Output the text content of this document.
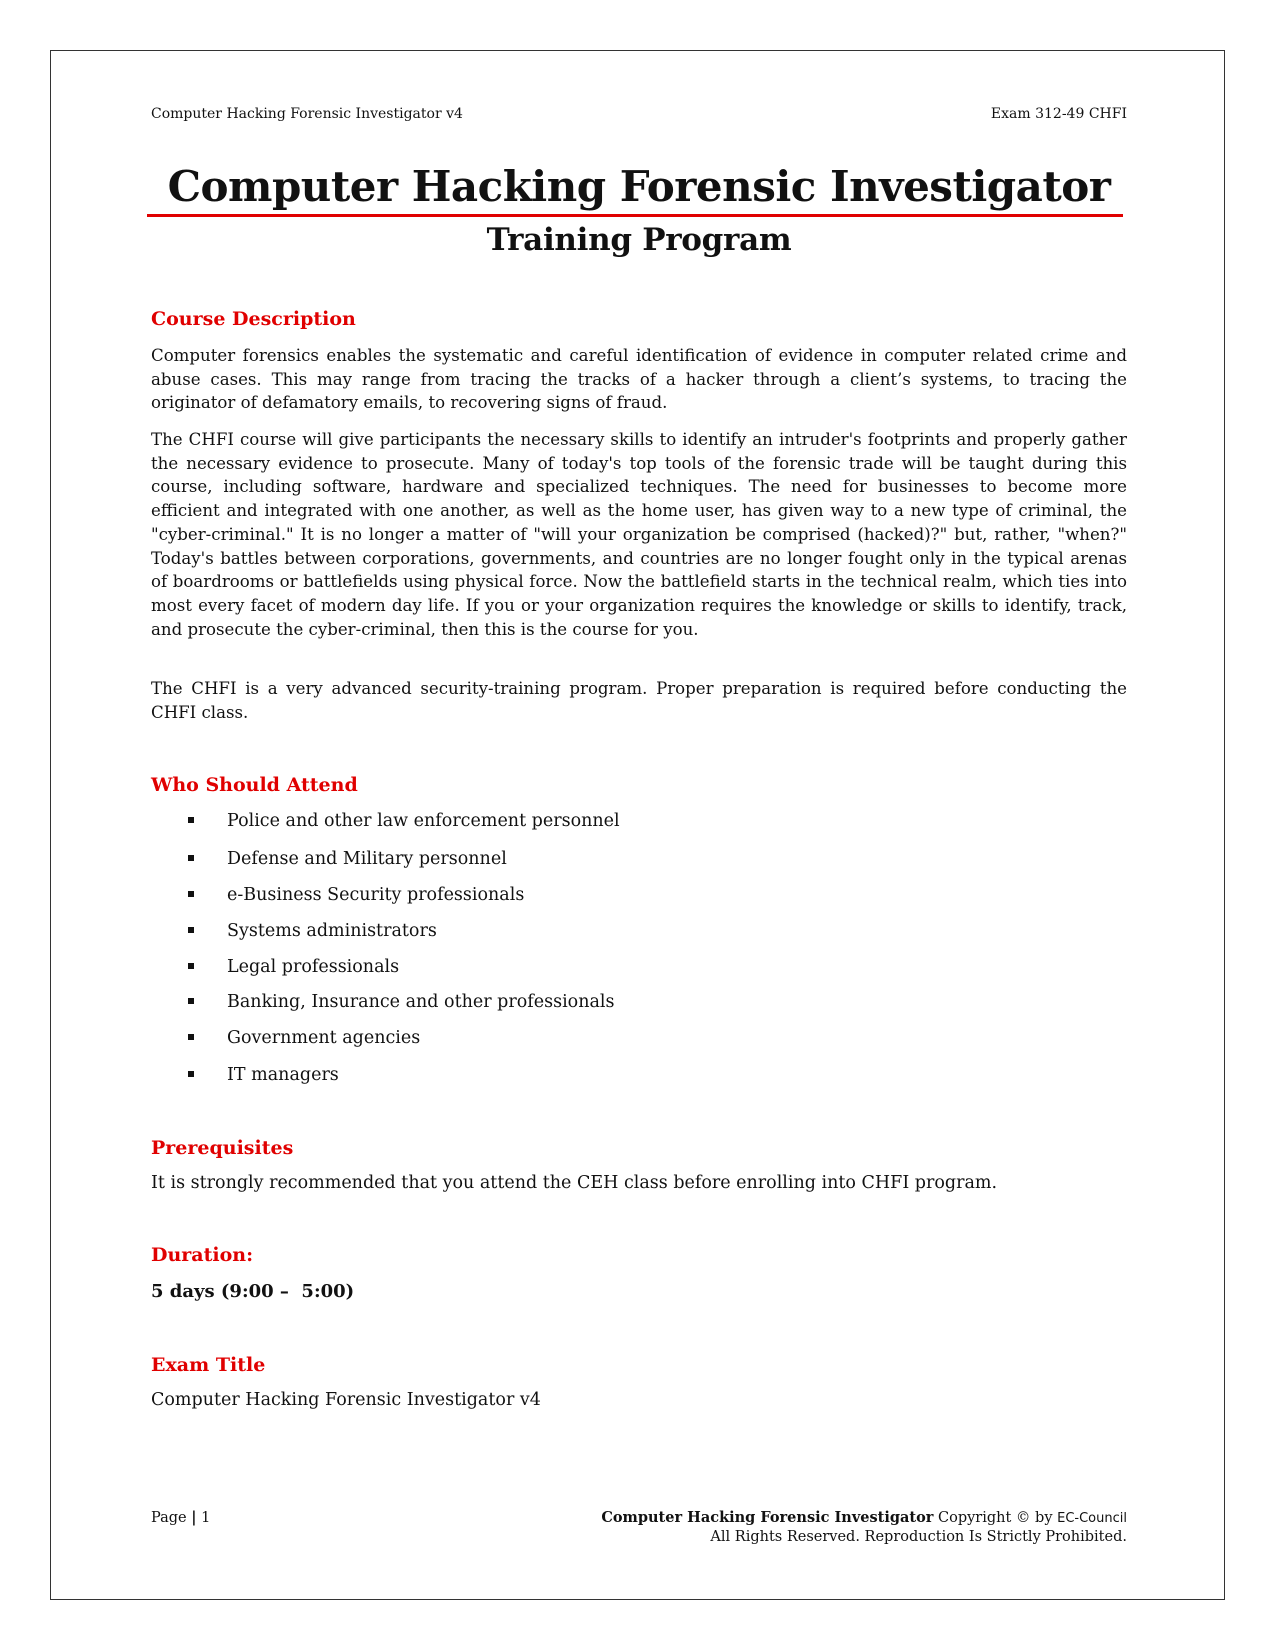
Computer Hacking Forensic Investigator v4	Exam 312-49 CHFI
Computer Hacking Forensic Investigator
Training Program
Course Description
Computer forensics enables the systematic and careful identification of evidence in computer related crime and abuse cases. This may range from tracing the tracks of a hacker through a client’s systems, to tracing the originator of defamatory emails, to recovering signs of fraud.
The CHFI course will give participants the necessary skills to identify an intruder's footprints and properly gather the necessary evidence to prosecute. Many of today's top tools of the forensic trade will be taught during this course, including software, hardware and specialized techniques. The need for businesses to become more efficient and integrated with one another, as well as the home user, has given way to a new type of criminal, the "cyber-criminal." It is no longer a matter of "will your organization be comprised (hacked)?" but, rather, "when?" Today's battles between corporations, governments, and countries are no longer fought only in the typical arenas of boardrooms or battlefields using physical force. Now the battlefield starts in the technical realm, which ties into most every facet of modern day life. If you or your organization requires the knowledge or skills to identify, track, and prosecute the cyber-criminal, then this is the course for you.
The CHFI is a very advanced security-training program. Proper preparation is required before conducting the CHFI class.
Who Should Attend
Police and other law enforcement personnel
Defense and Military personnel
e-Business Security professionals
Systems administrators
Legal professionals
Banking, Insurance and other professionals
Government agencies
IT managers
Prerequisites
It is strongly recommended that you attend the CEH class before enrolling into CHFI program.
Duration:
5 days (9:00 –  5:00)
Exam Title
Computer Hacking Forensic Investigator v4
Page | 1	Computer Hacking Forensic Investigator Copyright © by EC-Council
All Rights Reserved. Reproduction Is Strictly Prohibited.
